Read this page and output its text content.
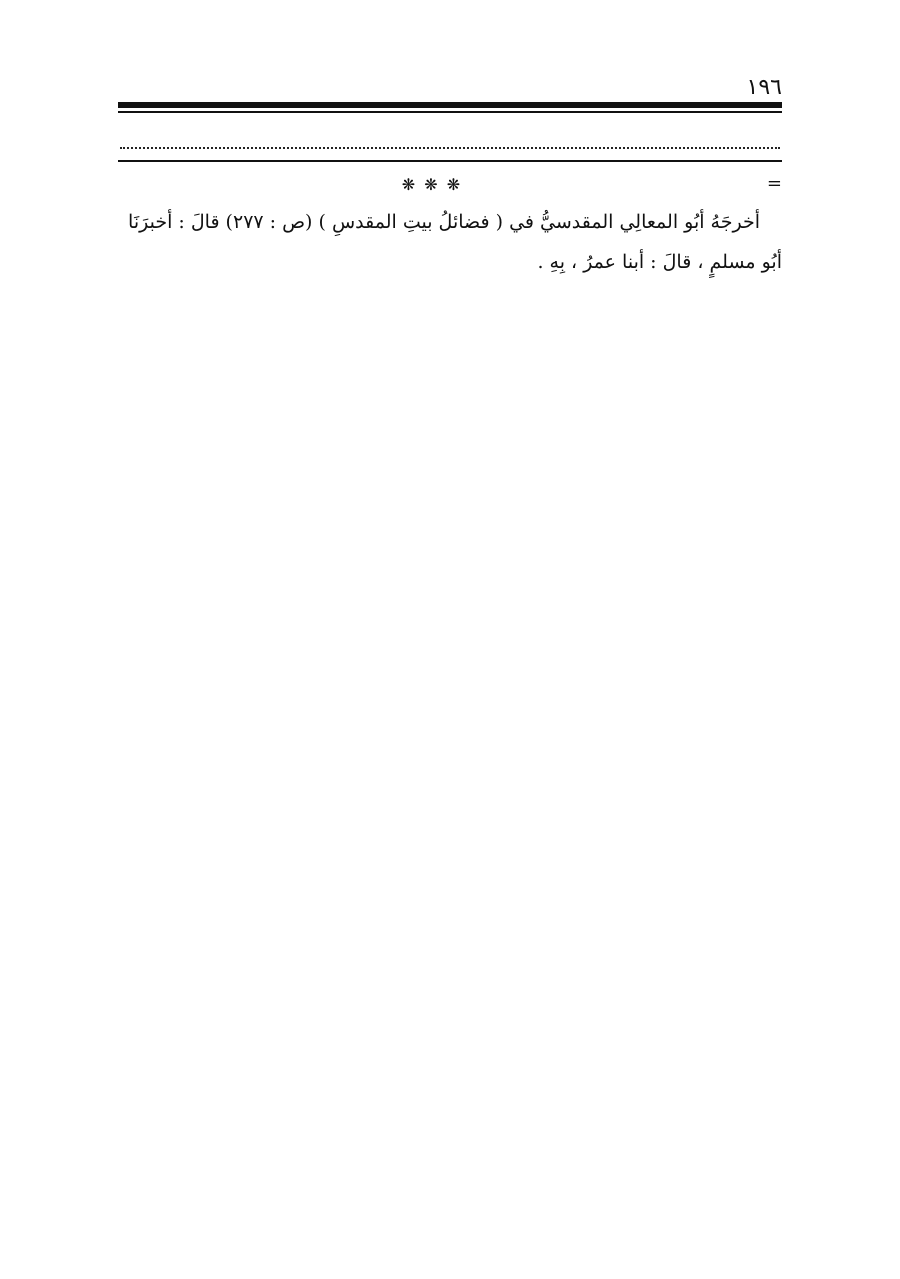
١٩٦
=
❋ ❋ ❋
أخرجَهُ أبُو المعالِي المقدسيُّ في ( فضائلُ بيتِ المقدسِ ) (ص : ٢٧٧) قالَ : أخبرَنَا
أبُو مسلمٍ ، قالَ : أبنا عمرُ ، بِهِ .
